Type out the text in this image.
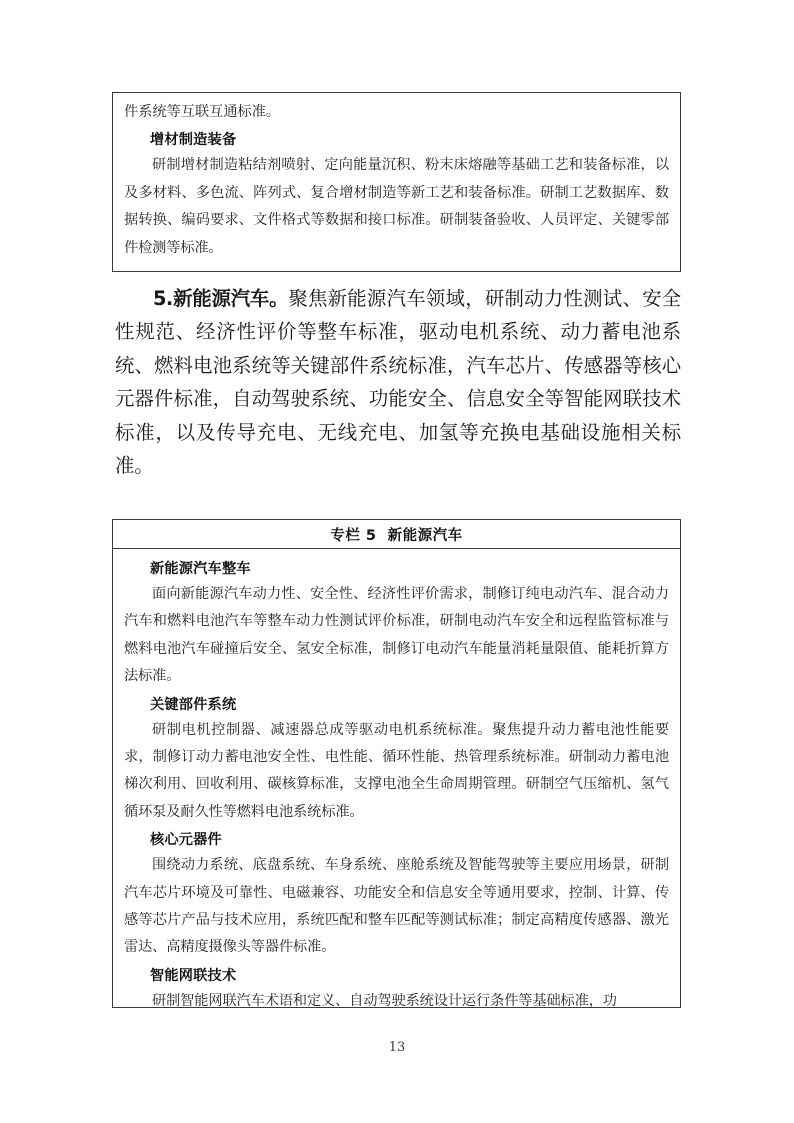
件系统等互联互通标准。

增材制造装备

研制增材制造粘结剂喷射、定向能量沉积、粉末床熔融等基础工艺和装备标准，以及多材料、多色流、阵列式、复合增材制造等新工艺和装备标准。研制工艺数据库、数据转换、编码要求、文件格式等数据和接口标准。研制装备验收、人员评定、关键零部件检测等标准。

5.新能源汽车。聚焦新能源汽车领域，研制动力性测试、安全性规范、经济性评价等整车标准，驱动电机系统、动力蓄电池系统、燃料电池系统等关键部件系统标准，汽车芯片、传感器等核心元器件标准，自动驾驶系统、功能安全、信息安全等智能网联技术标准，以及传导充电、无线充电、加氢等充换电基础设施相关标准。
专栏 5  新能源汽车
新能源汽车整车

面向新能源汽车动力性、安全性、经济性评价需求，制修订纯电动汽车、混合动力汽车和燃料电池汽车等整车动力性测试评价标准，研制电动汽车安全和远程监管标准与燃料电池汽车碰撞后安全、氢安全标准，制修订电动汽车能量消耗量限值、能耗折算方法标准。

关键部件系统

研制电机控制器、减速器总成等驱动电机系统标准。聚焦提升动力蓄电池性能要求，制修订动力蓄电池安全性、电性能、循环性能、热管理系统标准。研制动力蓄电池梯次利用、回收利用、碳核算标准，支撑电池全生命周期管理。研制空气压缩机、氢气循环泵及耐久性等燃料电池系统标准。

核心元器件

围绕动力系统、底盘系统、车身系统、座舱系统及智能驾驶等主要应用场景，研制汽车芯片环境及可靠性、电磁兼容、功能安全和信息安全等通用要求，控制、计算、传感等芯片产品与技术应用，系统匹配和整车匹配等测试标准；制定高精度传感器、激光雷达、高精度摄像头等器件标准。

智能网联技术

研制智能网联汽车术语和定义、自动驾驶系统设计运行条件等基础标准，功

13
